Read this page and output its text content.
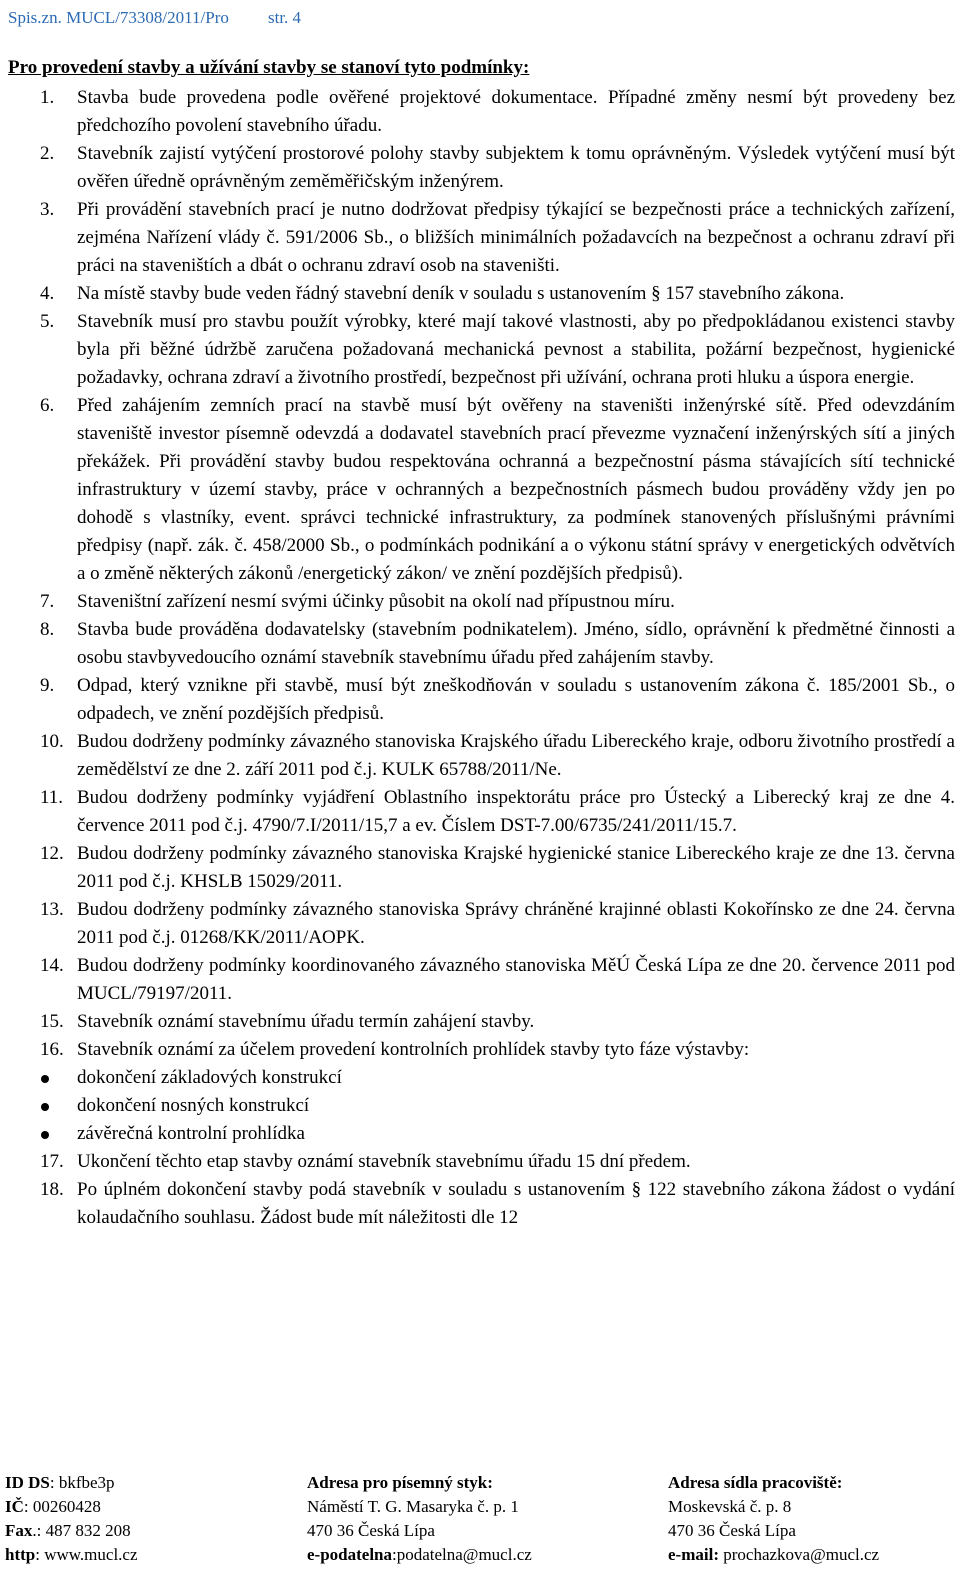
Spis.zn. MUCL/73308/2011/Pro str. 4
Pro provedení stavby a užívání stavby se stanoví tyto podmínky:
1. Stavba bude provedena podle ověřené projektové dokumentace. Případné změny nesmí být provedeny bez předchozího povolení stavebního úřadu.
2. Stavebník zajistí vytýčení prostorové polohy stavby subjektem k tomu oprávněným. Výsledek vytýčení musí být ověřen úředně oprávněným zeměměřičským inženýrem.
3. Při provádění stavebních prací je nutno dodržovat předpisy týkající se bezpečnosti práce a technických zařízení, zejména Nařízení vlády č. 591/2006 Sb., o bližších minimálních požadavcích na bezpečnost a ochranu zdraví při práci na staveništích a dbát o ochranu zdraví osob na staveništi.
4. Na místě stavby bude veden řádný stavební deník v souladu s ustanovením § 157 stavebního zákona.
5. Stavebník musí pro stavbu použít výrobky, které mají takové vlastnosti, aby po předpokládanou existenci stavby byla při běžné údržbě zaručena požadovaná mechanická pevnost a stabilita, požární bezpečnost, hygienické požadavky, ochrana zdraví a životního prostředí, bezpečnost při užívání, ochrana proti hluku a úspora energie.
6. Před zahájením zemních prací na stavbě musí být ověřeny na staveništi inženýrské sítě. Před odevzdáním staveniště investor písemně odevzdá a dodavatel stavebních prací převezme vyznačení inženýrských sítí a jiných překážek. Při provádění stavby budou respektována ochranná a bezpečnostní pásma stávajících sítí technické infrastruktury v území stavby, práce v ochranných a bezpečnostních pásmech budou prováděny vždy jen po dohodě s vlastníky, event. správci technické infrastruktury, za podmínek stanovených příslušnými právními předpisy (např. zák. č. 458/2000 Sb., o podmínkách podnikání a o výkonu státní správy v energetických odvětvích a o změně některých zákonů /energetický zákon/ ve znění pozdějších předpisů).
7. Staveništní zařízení nesmí svými účinky působit na okolí nad přípustnou míru.
8. Stavba bude prováděna dodavatelsky (stavebním podnikatelem). Jméno, sídlo, oprávnění k předmětné činnosti a osobu stavbyvedoucího oznámí stavebník stavebnímu úřadu před zahájením stavby.
9. Odpad, který vznikne při stavbě, musí být zneškodňován v souladu s ustanovením zákona č. 185/2001 Sb., o odpadech, ve znění pozdějších předpisů.
10. Budou dodrženy podmínky závazného stanoviska Krajského úřadu Libereckého kraje, odboru životního prostředí a zemědělství ze dne 2. září 2011 pod č.j. KULK 65788/2011/Ne.
11. Budou dodrženy podmínky vyjádření Oblastního inspektorátu práce pro Ústecký a Liberecký kraj ze dne 4. července 2011 pod č.j. 4790/7.I/2011/15,7 a ev. Číslem DST-7.00/6735/241/2011/15.7.
12. Budou dodrženy podmínky závazného stanoviska Krajské hygienické stanice Libereckého kraje ze dne 13. června 2011 pod č.j. KHSLB 15029/2011.
13. Budou dodrženy podmínky závazného stanoviska Správy chráněné krajinné oblasti Kokořínsko ze dne 24. června 2011 pod č.j. 01268/KK/2011/AOPK.
14. Budou dodrženy podmínky koordinovaného závazného stanoviska MěÚ Česká Lípa ze dne 20. července 2011 pod MUCL/79197/2011.
15. Stavebník oznámí stavebnímu úřadu termín zahájení stavby.
16. Stavebník oznámí za účelem provedení kontrolních prohlídek stavby tyto fáze výstavby:
dokončení základových konstrukcí
dokončení nosných konstrukcí
závěrečná kontrolní prohlídka
17. Ukončení těchto etap stavby oznámí stavebník stavebnímu úřadu 15 dní předem.
18. Po úplném dokončení stavby podá stavebník v souladu s ustanovením § 122 stavebního zákona žádost o vydání kolaudačního souhlasu. Žádost bude mít náležitosti dle 12
ID DS: bkfbe3p
IČ: 00260428
Fax.: 487 832 208
http: www.mucl.cz
Adresa pro písemný styk:
Náměstí T. G. Masaryka č. p. 1
470 36 Česká Lípa
e-podatelna:podatelna@mucl.cz
Adresa sídla pracoviště:
Moskevská č. p. 8
470 36 Česká Lípa
e-mail: prochazkova@mucl.cz
